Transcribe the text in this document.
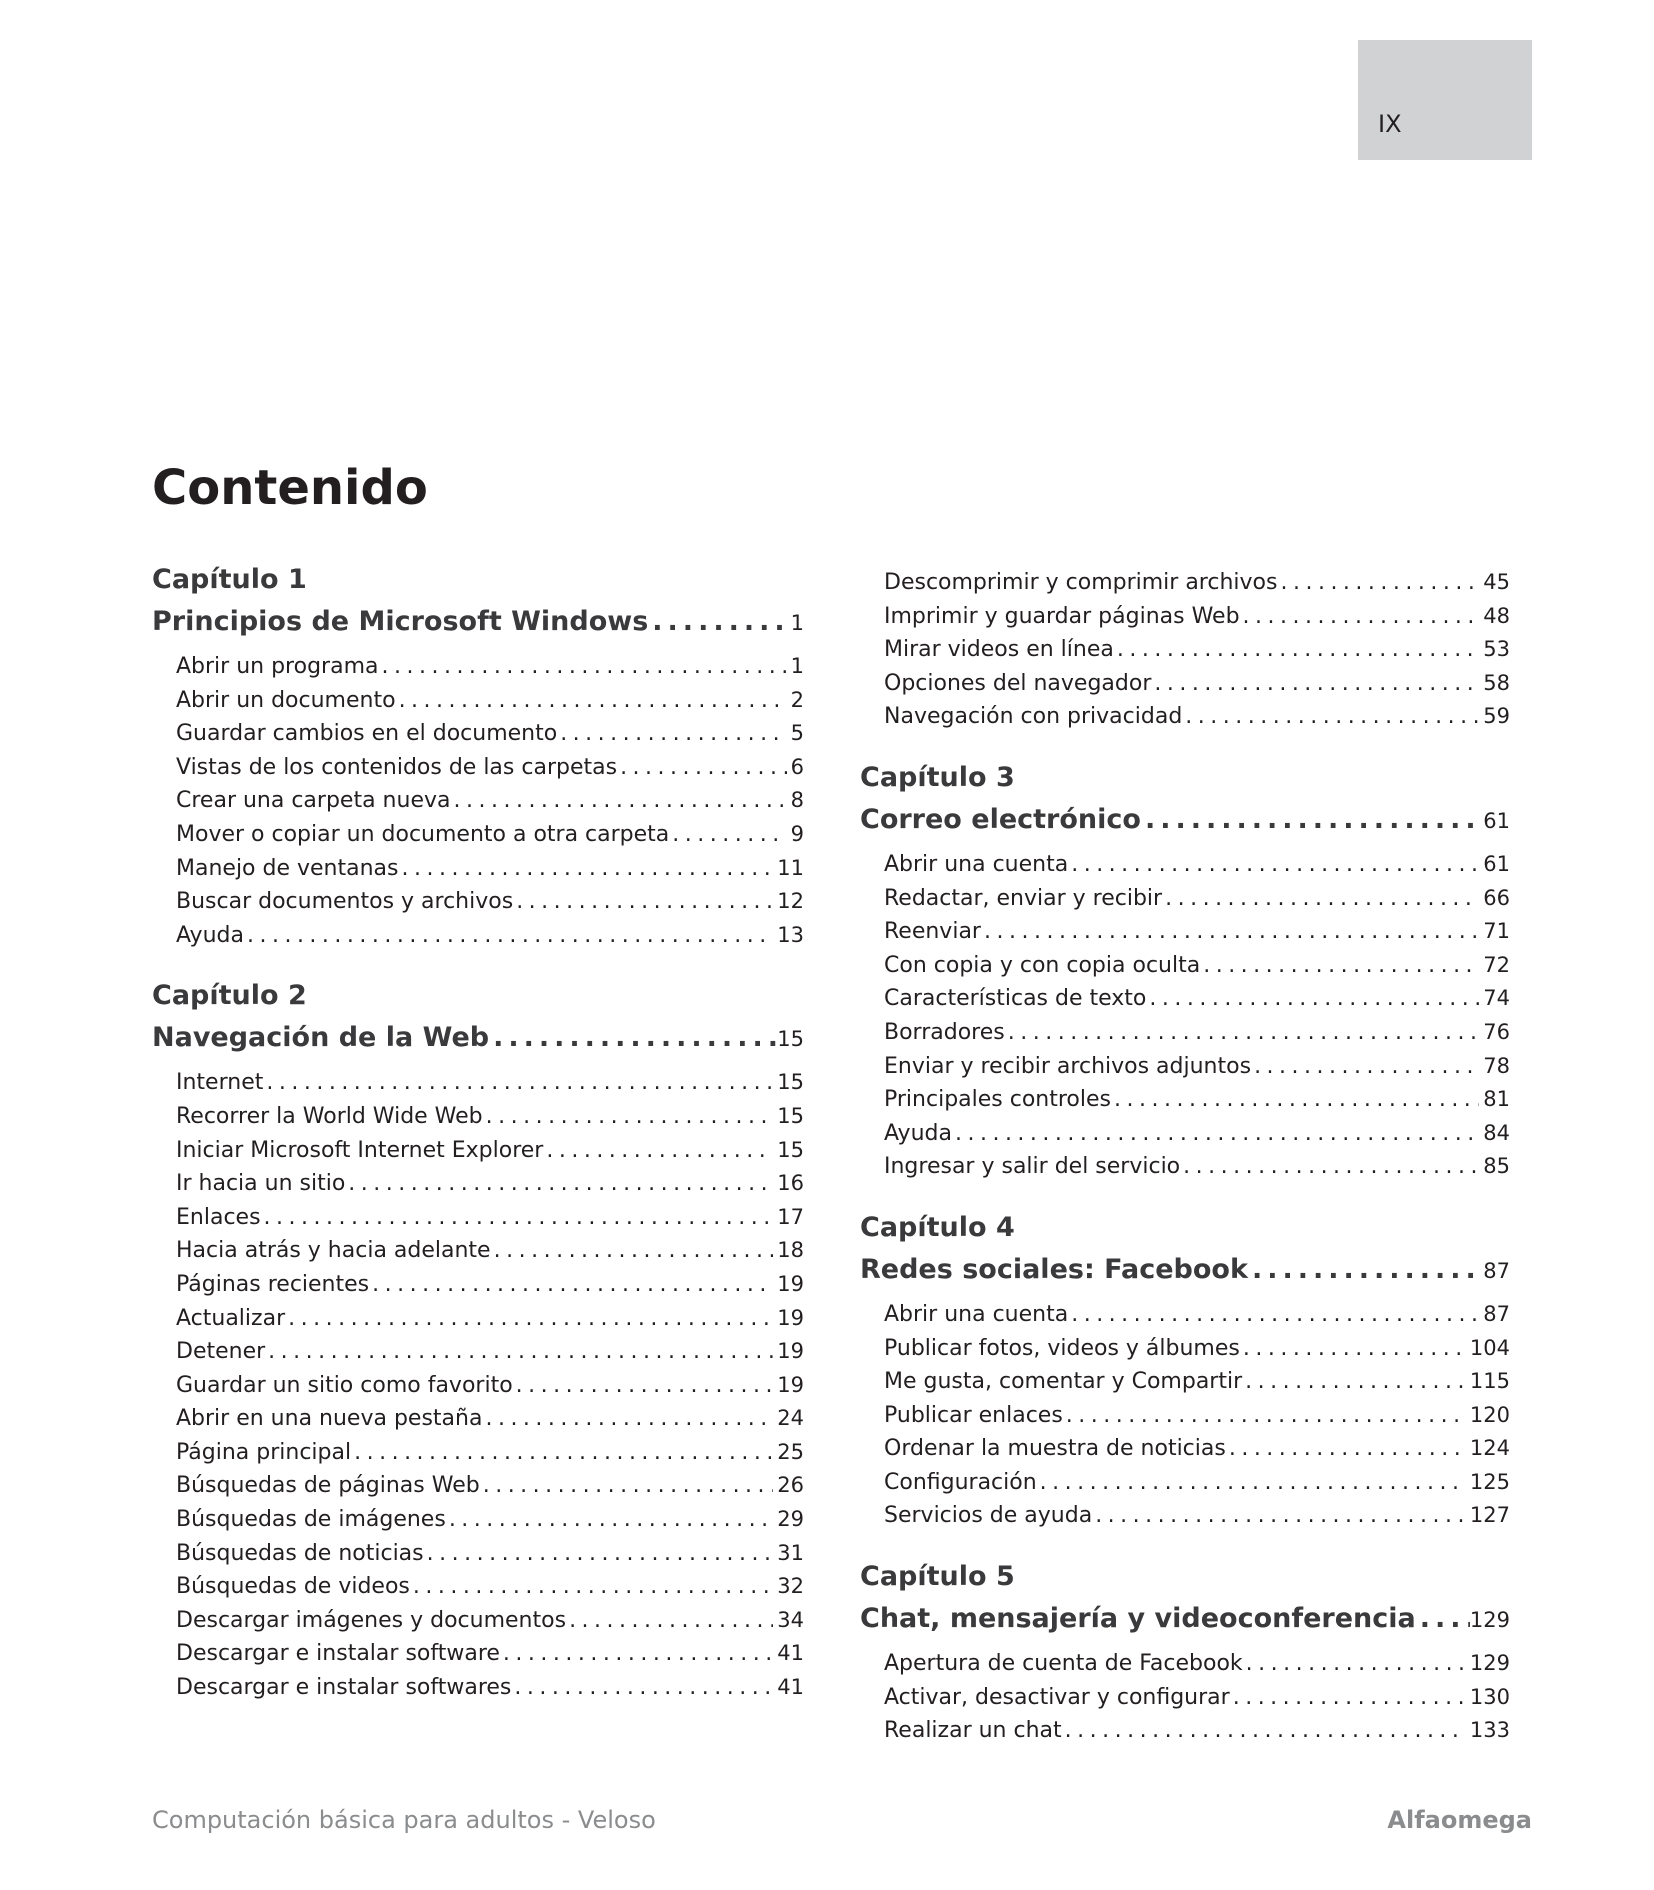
IX
Contenido
Capítulo 1
Principios de Microsoft Windows .....	1
Abrir un programa .....	1
Abrir un documento .....	2
Guardar cambios en el documento .....	5
Vistas de los contenidos de las carpetas .....	6
Crear una carpeta nueva .....	8
Mover o copiar un documento a otra carpeta .....	9
Manejo de ventanas .....	11
Buscar documentos y archivos .....	12
Ayuda .....	13
Capítulo 2
Navegación de la Web .....	15
Internet .....	15
Recorrer la World Wide Web .....	15
Iniciar Microsoft Internet Explorer .....	15
Ir hacia un sitio .....	16
Enlaces .....	17
Hacia atrás y hacia adelante .....	18
Páginas recientes .....	19
Actualizar .....	19
Detener .....	19
Guardar un sitio como favorito .....	19
Abrir en una nueva pestaña .....	24
Página principal .....	25
Búsquedas de páginas Web .....	26
Búsquedas de imágenes .....	29
Búsquedas de noticias .....	31
Búsquedas de videos .....	32
Descargar imágenes y documentos .....	34
Descargar e instalar software .....	41
Descargar e instalar softwares .....	41
Descomprimir y comprimir archivos .....	45
Imprimir y guardar páginas Web .....	48
Mirar videos en línea .....	53
Opciones del navegador .....	58
Navegación con privacidad .....	59
Capítulo 3
Correo electrónico .....	61
Abrir una cuenta .....	61
Redactar, enviar y recibir .....	66
Reenviar .....	71
Con copia y con copia oculta .....	72
Características de texto .....	74
Borradores .....	76
Enviar y recibir archivos adjuntos .....	78
Principales controles .....	81
Ayuda .....	84
Ingresar y salir del servicio .....	85
Capítulo 4
Redes sociales: Facebook .....	87
Abrir una cuenta .....	87
Publicar fotos, videos y álbumes .....	104
Me gusta, comentar y Compartir .....	115
Publicar enlaces .....	120
Ordenar la muestra de noticias .....	124
Configuración .....	125
Servicios de ayuda .....	127
Capítulo 5
Chat, mensajería y videoconferencia .....	129
Apertura de cuenta de Facebook .....	129
Activar, desactivar y configurar .....	130
Realizar un chat .....	133
Computación básica para adultos - Veloso	Alfaomega
